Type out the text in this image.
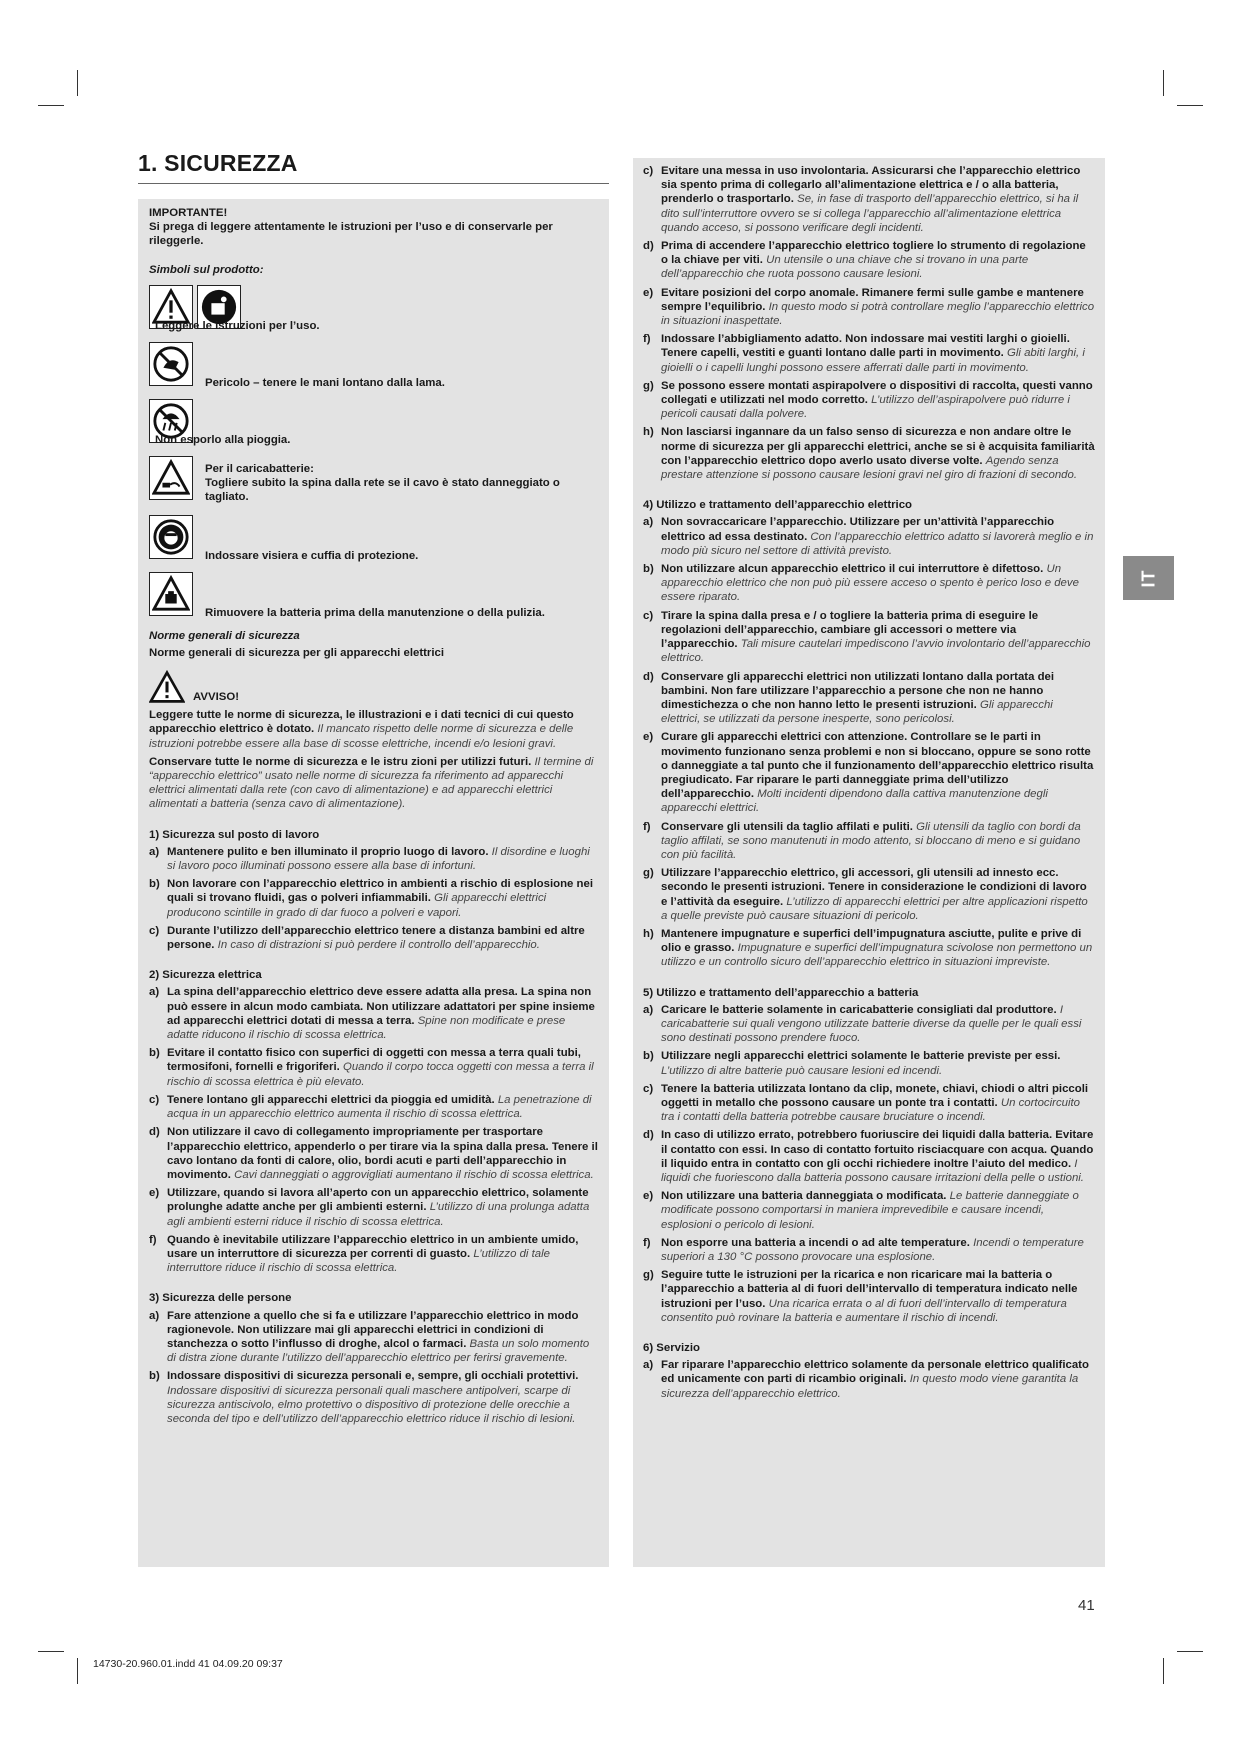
1. SICUREZZA
IMPORTANTE!
Si prega di leggere attentamente le istruzioni per l’uso e di conservarle per rileggerle.
Simboli sul prodotto:
Leggere le istruzioni per l’uso.
Pericolo – tenere le mani lontano dalla lama.
Non esporlo alla pioggia.
Per il caricabatterie:
Togliere subito la spina dalla rete se il cavo è stato danneggiato o tagliato.
Indossare visiera e cuffia di protezione.
Rimuovere la batteria prima della manutenzione o della pulizia.
Norme generali di sicurezza
Norme generali di sicurezza per gli apparecchi elettrici
AVVISO!
Leggere tutte le norme di sicurezza, le illustrazioni e i dati tecnici di cui questo apparecchio elettrico è dotato. Il mancato rispetto delle norme di sicurezza e delle istruzioni potrebbe essere alla base di scosse elettriche, incendi e/o lesioni gravi.
Conservare tutte le norme di sicurezza e le istru zioni per utilizzi futuri. Il termine di “apparecchio elettrico” usato nelle norme di sicurezza fa riferimento ad apparecchi elettrici alimentati dalla rete (con cavo di alimentazione) e ad apparecchi elettrici alimentati a batteria (senza cavo di alimentazione).
1) Sicurezza sul posto di lavoro
a) Mantenere pulito e ben illuminato il proprio luogo di lavoro. Il disordine e luoghi si lavoro poco illuminati possono essere alla base di infortuni.
b) Non lavorare con l’apparecchio elettrico in ambienti a rischio di esplosione nei quali si trovano fluidi, gas o polveri infiammabili. Gli apparecchi elettrici producono scintille in grado di dar fuoco a polveri e vapori.
c) Durante l’utilizzo dell’apparecchio elettrico tenere a distanza bambini ed altre persone. In caso di distrazioni si può perdere il controllo dell’apparecchio.
2) Sicurezza elettrica
a) La spina dell’apparecchio elettrico deve essere adatta alla presa. La spina non può essere in alcun modo cambiata. Non utilizzare adattatori per spine insieme ad apparecchi elettrici dotati di messa a terra. Spine non modificate e prese adatte riducono il rischio di scossa elettrica.
b) Evitare il contatto fisico con superfici di oggetti con messa a terra quali tubi, termosifoni, fornelli e frigoriferi. Quando il corpo tocca oggetti con messa a terra il rischio di scossa elettrica è più elevato.
c) Tenere lontano gli apparecchi elettrici da pioggia ed umidità. La penetrazione di acqua in un apparecchio elettrico aumenta il rischio di scossa elettrica.
d) Non utilizzare il cavo di collegamento impropriamente per trasportare l’apparecchio elettrico, appenderlo o per tirare via la spina dalla presa. Tenere il cavo lontano da fonti di calore, olio, bordi acuti e parti dell’apparecchio in movimento. Cavi danneggiati o aggrovigliati aumentano il rischio di scossa elettrica.
e) Utilizzare, quando si lavora all’aperto con un apparecchio elettrico, solamente prolunghe adatte anche per gli ambienti esterni. L’utilizzo di una prolunga adatta agli ambienti esterni riduce il rischio di scossa elettrica.
f) Quando è inevitabile utilizzare l’apparecchio elettrico in un ambiente umido, usare un interruttore di sicurezza per correnti di guasto. L’utilizzo di tale interruttore riduce il rischio di scossa elettrica.
3) Sicurezza delle persone
a) Fare attenzione a quello che si fa e utilizzare l’apparecchio elettrico in modo ragionevole. Non utilizzare mai gli apparecchi elettrici in condizioni di stanchezza o sotto l’influsso di droghe, alcol o farmaci. Basta un solo momento di distra zione durante l’utilizzo dell’apparecchio elettrico per ferirsi gravemente.
b) Indossare dispositivi di sicurezza personali e, sempre, gli occhiali protettivi. Indossare dispositivi di sicurezza personali quali maschere antipolveri, scarpe di sicurezza antiscivolo, elmo protettivo o dispositivo di protezione delle orecchie a seconda del tipo e dell’utilizzo dell’apparecchio elettrico riduce il rischio di lesioni.
c) Evitare una messa in uso involontaria. Assicurarsi che l’apparecchio elettrico sia spento prima di collegarlo all’alimentazione elettrica e / o alla batteria, prenderlo o trasportarlo. Se, in fase di trasporto dell’apparecchio elettrico, si ha il dito sull’interruttore ovvero se si collega l’apparecchio all’alimentazione elettrica quando acceso, si possono verificare degli incidenti.
d) Prima di accendere l’apparecchio elettrico togliere lo strumento di regolazione o la chiave per viti. Un utensile o una chiave che si trovano in una parte dell’apparecchio che ruota possono causare lesioni.
e) Evitare posizioni del corpo anomale. Rimanere fermi sulle gambe e mantenere sempre l’equilibrio. In questo modo si potrà controllare meglio l’apparecchio elettrico in situazioni inaspettate.
f) Indossare l’abbigliamento adatto. Non indossare mai vestiti larghi o gioielli. Tenere capelli, vestiti e guanti lontano dalle parti in movimento. Gli abiti larghi, i gioielli o i capelli lunghi possono essere afferrati dalle parti in movimento.
g) Se possono essere montati aspirapolvere o dispositivi di raccolta, questi vanno collegati e utilizzati nel modo corretto. L’utilizzo dell’aspirapolvere può ridurre i pericoli causati dalla polvere.
h) Non lasciarsi ingannare da un falso senso di sicurezza e non andare oltre le norme di sicurezza per gli apparecchi elettrici, anche se si è acquisita familiarità con l’apparecchio elettrico dopo averlo usato diverse volte. Agendo senza prestare attenzione si possono causare lesioni gravi nel giro di frazioni di secondo.
4) Utilizzo e trattamento dell’apparecchio elettrico
a) Non sovraccaricare l’apparecchio. Utilizzare per un’attività l’apparecchio elettrico ad essa destinato. Con l’apparecchio elettrico adatto si lavorerà meglio e in modo più sicuro nel settore di attività previsto.
b) Non utilizzare alcun apparecchio elettrico il cui interruttore è difettoso. Un apparecchio elettrico che non può più essere acceso o spento è perico loso e deve essere riparato.
c) Tirare la spina dalla presa e / o togliere la batteria prima di eseguire le regolazioni dell’apparecchio, cambiare gli accessori o mettere via l’apparecchio. Tali misure cautelari impediscono l’avvio involontario dell’apparecchio elettrico.
d) Conservare gli apparecchi elettrici non utilizzati lontano dalla portata dei bambini. Non fare utilizzare l’apparecchio a persone che non ne hanno dimestichezza o che non hanno letto le presenti istruzioni. Gli apparecchi elettrici, se utilizzati da persone inesperte, sono pericolosi.
e) Curare gli apparecchi elettrici con attenzione. Controllare se le parti in movimento funzionano senza problemi e non si bloccano, oppure se sono rotte o danneggiate a tal punto che il funzionamento dell’apparecchio elettrico risulta pregiudicato. Far riparare le parti danneggiate prima dell’utilizzo dell’apparecchio. Molti incidenti dipendono dalla cattiva manutenzione degli apparecchi elettrici.
f) Conservare gli utensili da taglio affilati e puliti. Gli utensili da taglio con bordi da taglio affilati, se sono manutenuti in modo attento, si bloccano di meno e si guidano con più facilità.
g) Utilizzare l’apparecchio elettrico, gli accessori, gli utensili ad innesto ecc. secondo le presenti istruzioni. Tenere in considerazione le condizioni di lavoro e l’attività da eseguire. L’utilizzo di apparecchi elettrici per altre applicazioni rispetto a quelle previste può causare situazioni di pericolo.
h) Mantenere impugnature e superfici dell’impugnatura asciutte, pulite e prive di olio e grasso. Impugnature e superfici dell’impugnatura scivolose non permettono un utilizzo e un controllo sicuro dell’apparecchio elettrico in situazioni impreviste.
5) Utilizzo e trattamento dell’apparecchio a batteria
a) Caricare le batterie solamente in caricabatterie consigliati dal produttore. I caricabatterie sui quali vengono utilizzate batterie diverse da quelle per le quali essi sono destinati possono prendere fuoco.
b) Utilizzare negli apparecchi elettrici solamente le batterie previste per essi. L’utilizzo di altre batterie può causare lesioni ed incendi.
c) Tenere la batteria utilizzata lontano da clip, monete, chiavi, chiodi o altri piccoli oggetti in metallo che possono causare un ponte tra i contatti. Un cortocircuito tra i contatti della batteria potrebbe causare bruciature o incendi.
d) In caso di utilizzo errato, potrebbero fuoriuscire dei liquidi dalla batteria. Evitare il contatto con essi. In caso di contatto fortuito risciacquare con acqua. Quando il liquido entra in contatto con gli occhi richiedere inoltre l’aiuto del medico. I liquidi che fuoriescono dalla batteria possono causare irritazioni della pelle o ustioni.
e) Non utilizzare una batteria danneggiata o modificata. Le batterie danneggiate o modificate possono comportarsi in maniera imprevedibile e causare incendi, esplosioni o pericolo di lesioni.
f) Non esporre una batteria a incendi o ad alte temperature. Incendi o temperature superiori a 130 °C possono provocare una esplosione.
g) Seguire tutte le istruzioni per la ricarica e non ricaricare mai la batteria o l’apparecchio a batteria al di fuori dell’intervallo di temperatura indicato nelle istruzioni per l’uso. Una ricarica errata o al di fuori dell’intervallo di temperatura consentito può rovinare la batteria e aumentare il rischio di incendi.
6) Servizio
a) Far riparare l’apparecchio elettrico solamente da personale elettrico qualificato ed unicamente con parti di ricambio originali. In questo modo viene garantita la sicurezza dell’apparecchio elettrico.
IT
41
14730-20.960.01.indd 41 04.09.20 09:37
